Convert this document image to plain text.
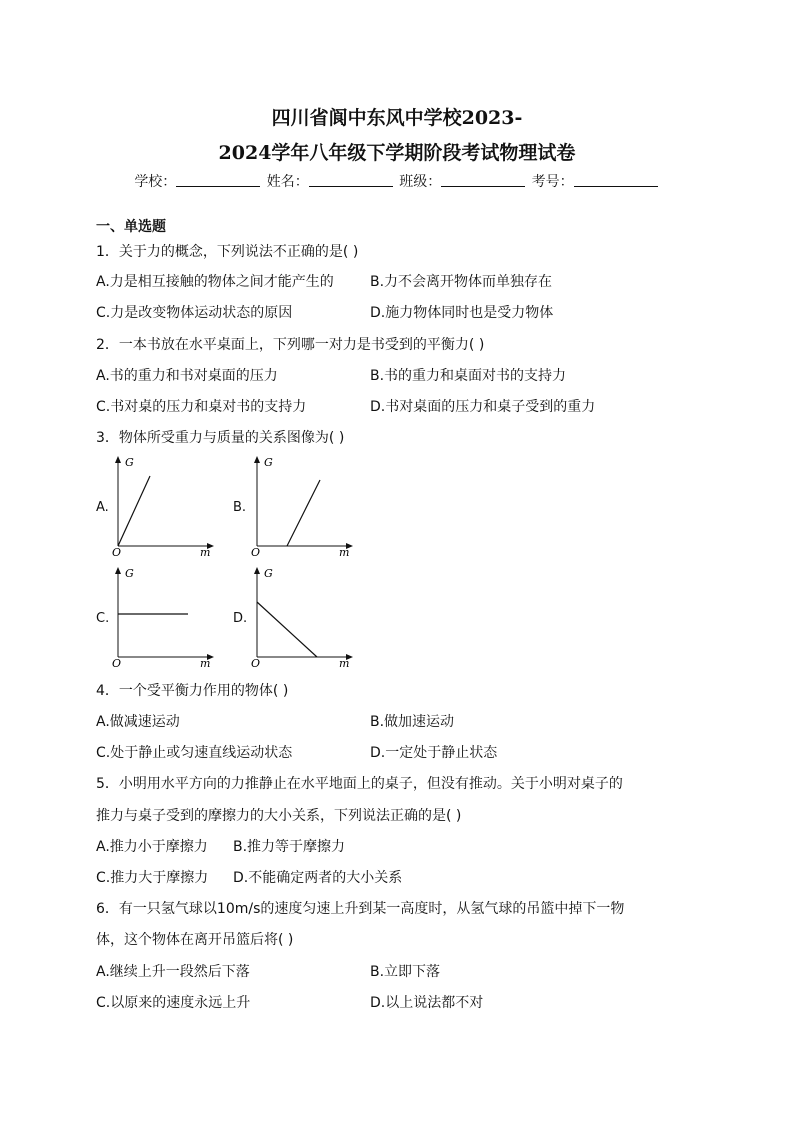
四川省阆中东风中学校2023-
2024学年八年级下学期阶段考试物理试卷
学校：	姓名：	班级：	考号：
一、单选题
1．关于力的概念，下列说法不正确的是( )
A.力是相互接触的物体之间才能产生的	B.力不会离开物体而单独存在
C.力是改变物体运动状态的原因	D.施力物体同时也是受力物体
2．一本书放在水平桌面上，下列哪一对力是书受到的平衡力( )
A.书的重力和书对桌面的压力	B.书的重力和桌面对书的支持力
C.书对桌的压力和桌对书的支持力	D.书对桌面的压力和桌子受到的重力
3．物体所受重力与质量的关系图像为( )
A.
G
O	m
B.
G
O	m
C.
G
O	m
D.
G
O	m
4．一个受平衡力作用的物体( )
A.做减速运动	B.做加速运动
C.处于静止或匀速直线运动状态	D.一定处于静止状态
5．小明用水平方向的力推静止在水平地面上的桌子，但没有推动。关于小明对桌子的
推力与桌子受到的摩擦力的大小关系，下列说法正确的是( )
A.推力小于摩擦力 B.推力等于摩擦力
C.推力大于摩擦力 D.不能确定两者的大小关系
6．有一只氢气球以10m/s的速度匀速上升到某一高度时，从氢气球的吊篮中掉下一物
体，这个物体在离开吊篮后将( )
A.继续上升一段然后下落	B.立即下落
C.以原来的速度永远上升	D.以上说法都不对
